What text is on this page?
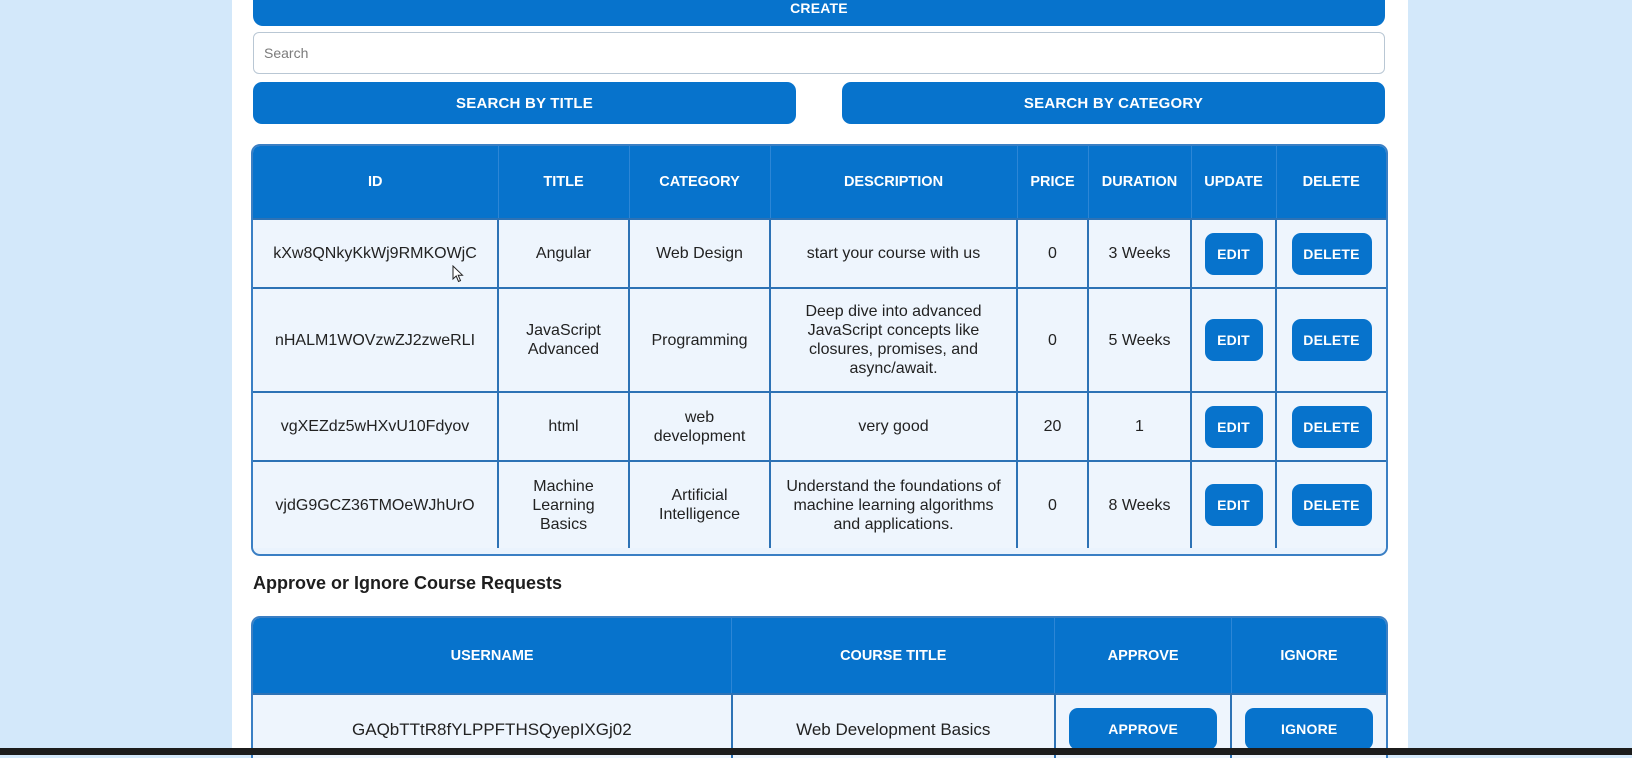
CREATE
Search
SEARCH BY TITLE	SEARCH BY CATEGORY
ID	TITLE	CATEGORY	DESCRIPTION	PRICE	DURATION	UPDATE	DELETE
kXw8QNkyKkWj9RMKOWjC	Angular	Web Design	start your course with us	0	3 Weeks	EDIT	DELETE
nHALM1WOVzwZJ2zweRLI	JavaScript Advanced	Programming	Deep dive into advanced JavaScript concepts like closures, promises, and async/await.	0	5 Weeks	EDIT	DELETE
vgXEZdz5wHXvU10Fdyov	html	web development	very good	20	1	EDIT	DELETE
vjdG9GCZ36TMOeWJhUrO	Machine Learning Basics	Artificial Intelligence	Understand the foundations of machine learning algorithms and applications.	0	8 Weeks	EDIT	DELETE
Approve or Ignore Course Requests
USERNAME	COURSE TITLE	APPROVE	IGNORE
GAQbTTtR8fYLPPFTHSQyepIXGj02	Web Development Basics	APPROVE	IGNORE
